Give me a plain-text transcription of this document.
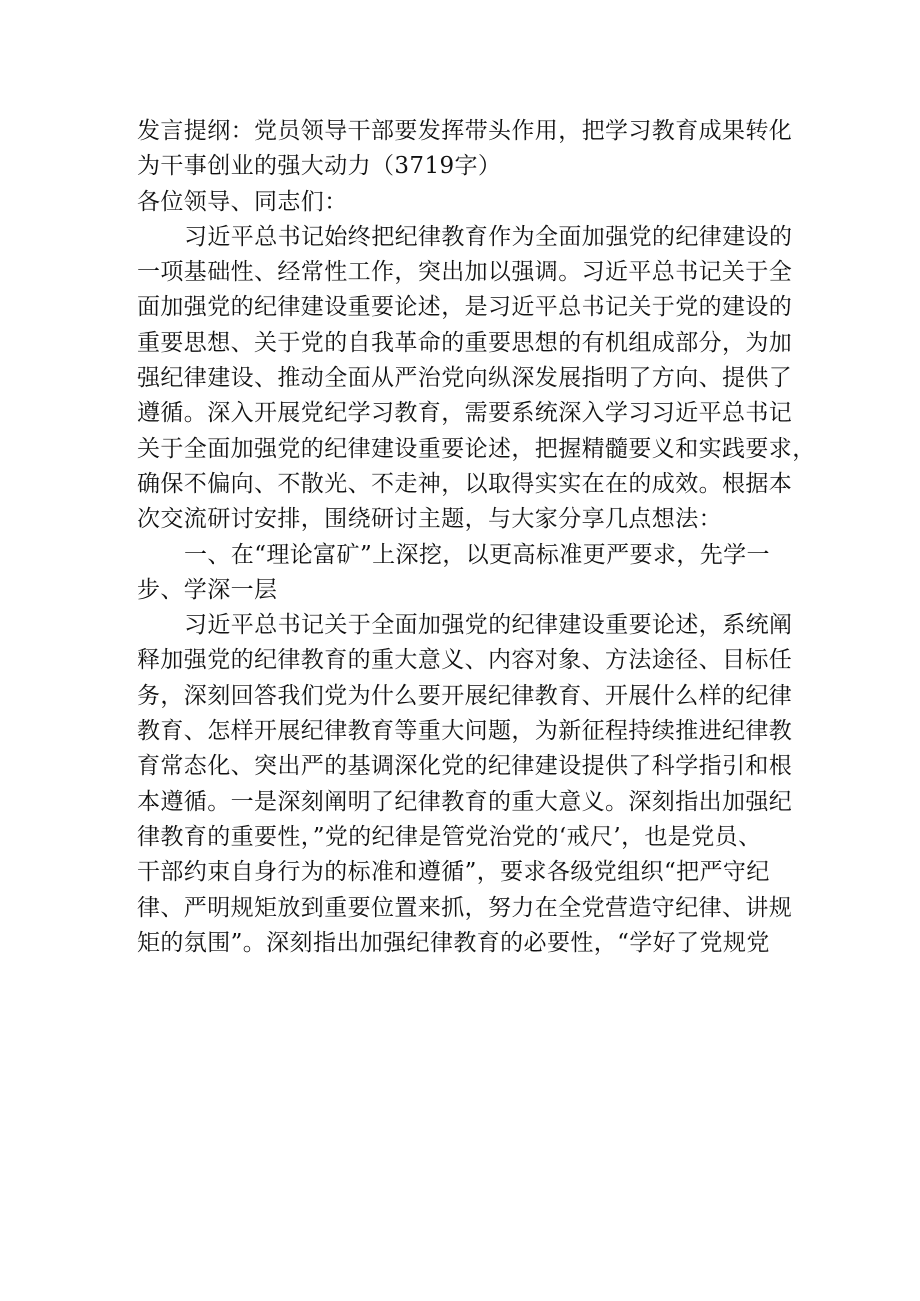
发言提纲：党员领导干部要发挥带头作用，把学习教育成果转化
为干事创业的强大动力（3719字）
各位领导、同志们：
习近平总书记始终把纪律教育作为全面加强党的纪律建设的
一项基础性、经常性工作，突出加以强调。习近平总书记关于全
面加强党的纪律建设重要论述，是习近平总书记关于党的建设的
重要思想、关于党的自我革命的重要思想的有机组成部分，为加
强纪律建设、推动全面从严治党向纵深发展指明了方向、提供了
遵循。深入开展党纪学习教育，需要系统深入学习习近平总书记
关于全面加强党的纪律建设重要论述，把握精髓要义和实践要求，
确保不偏向、不散光、不走神，以取得实实在在的成效。根据本
次交流研讨安排，围绕研讨主题，与大家分享几点想法：
一、在“理论富矿”上深挖，以更高标准更严要求，先学一
步、学深一层
习近平总书记关于全面加强党的纪律建设重要论述，系统阐
释加强党的纪律教育的重大意义、内容对象、方法途径、目标任
务，深刻回答我们党为什么要开展纪律教育、开展什么样的纪律
教育、怎样开展纪律教育等重大问题，为新征程持续推进纪律教
育常态化、突出严的基调深化党的纪律建设提供了科学指引和根
本遵循。一是深刻阐明了纪律教育的重大意义。深刻指出加强纪
律教育的重要性，”党的纪律是管党治党的‘戒尺’，也是党员、
干部约束自身行为的标准和遵循”，要求各级党组织“把严守纪
律、严明规矩放到重要位置来抓，努力在全党营造守纪律、讲规
矩的氛围”。深刻指出加强纪律教育的必要性，“学好了党规党
